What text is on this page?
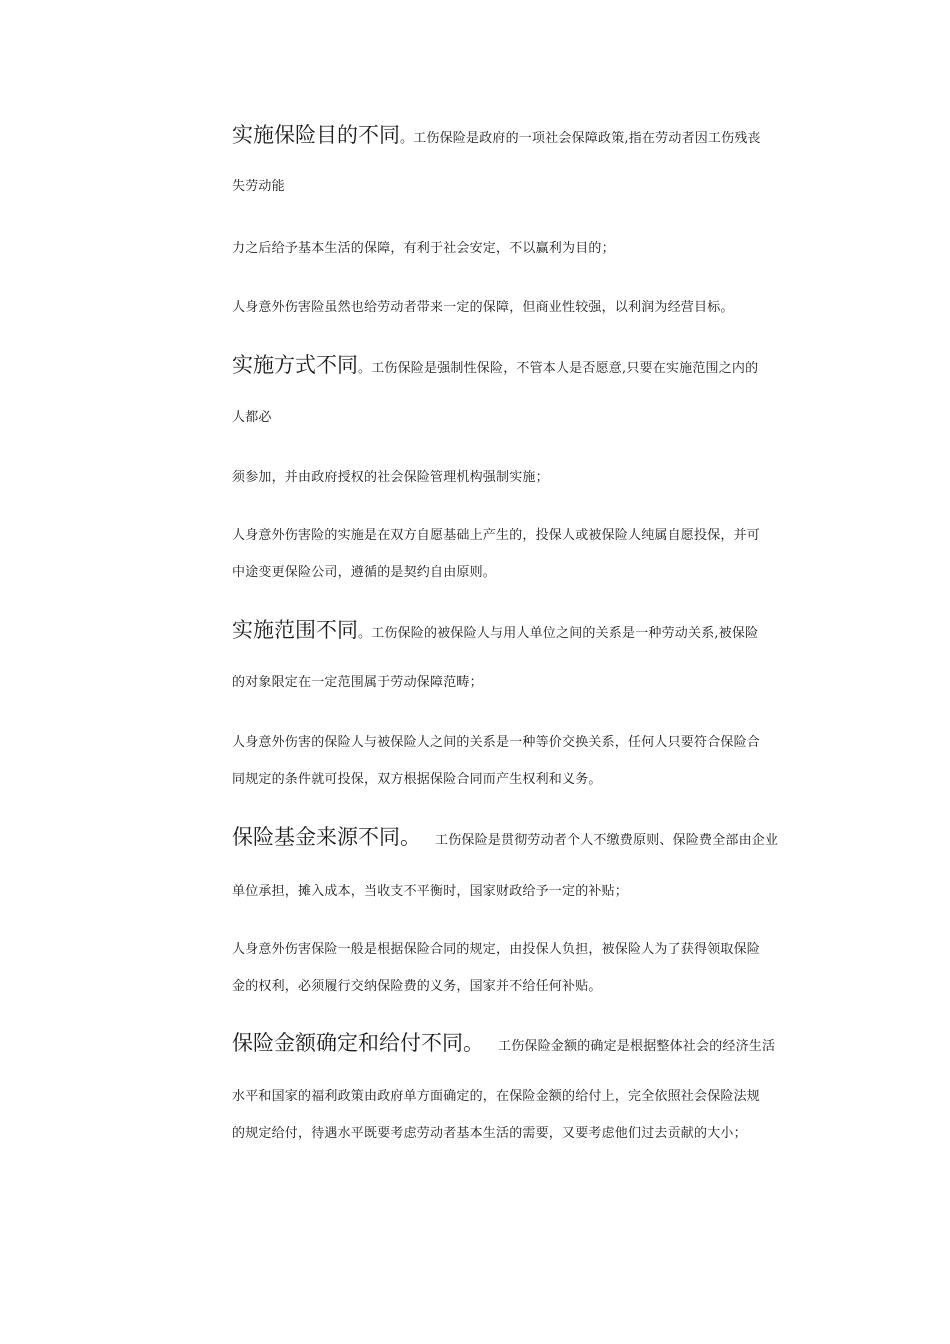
实施保险目的不同。工伤保险是政府的一项社会保障政策,指在劳动者因工伤残丧
失劳动能
力之后给予基本生活的保障，有利于社会安定，不以赢利为目的；
人身意外伤害险虽然也给劳动者带来一定的保障，但商业性较强，以利润为经营目标。
实施方式不同。工伤保险是强制性保险，不管本人是否愿意,只要在实施范围之内的
人都必
须参加，并由政府授权的社会保险管理机构强制实施；
人身意外伤害险的实施是在双方自愿基础上产生的，投保人或被保险人纯属自愿投保，并可
中途变更保险公司，遵循的是契约自由原则。
实施范围不同。工伤保险的被保险人与用人单位之间的关系是一种劳动关系,被保险
的对象限定在一定范围属于劳动保障范畴；
人身意外伤害的保险人与被保险人之间的关系是一种等价交换关系，任何人只要符合保险合
同规定的条件就可投保，双方根据保险合同而产生权利和义务。
保险基金来源不同。 工伤保险是贯彻劳动者个人不缴费原则、保险费全部由企业
单位承担，摊入成本，当收支不平衡时，国家财政给予一定的补贴；
人身意外伤害保险一般是根据保险合同的规定，由投保人负担，被保险人为了获得领取保险
金的权利，必须履行交纳保险费的义务，国家并不给任何补贴。
保险金额确定和给付不同。 工伤保险金额的确定是根据整体社会的经济生活
水平和国家的福利政策由政府单方面确定的，在保险金额的给付上，完全依照社会保险法规
的规定给付，待遇水平既要考虑劳动者基本生活的需要，又要考虑他们过去贡献的大小；
